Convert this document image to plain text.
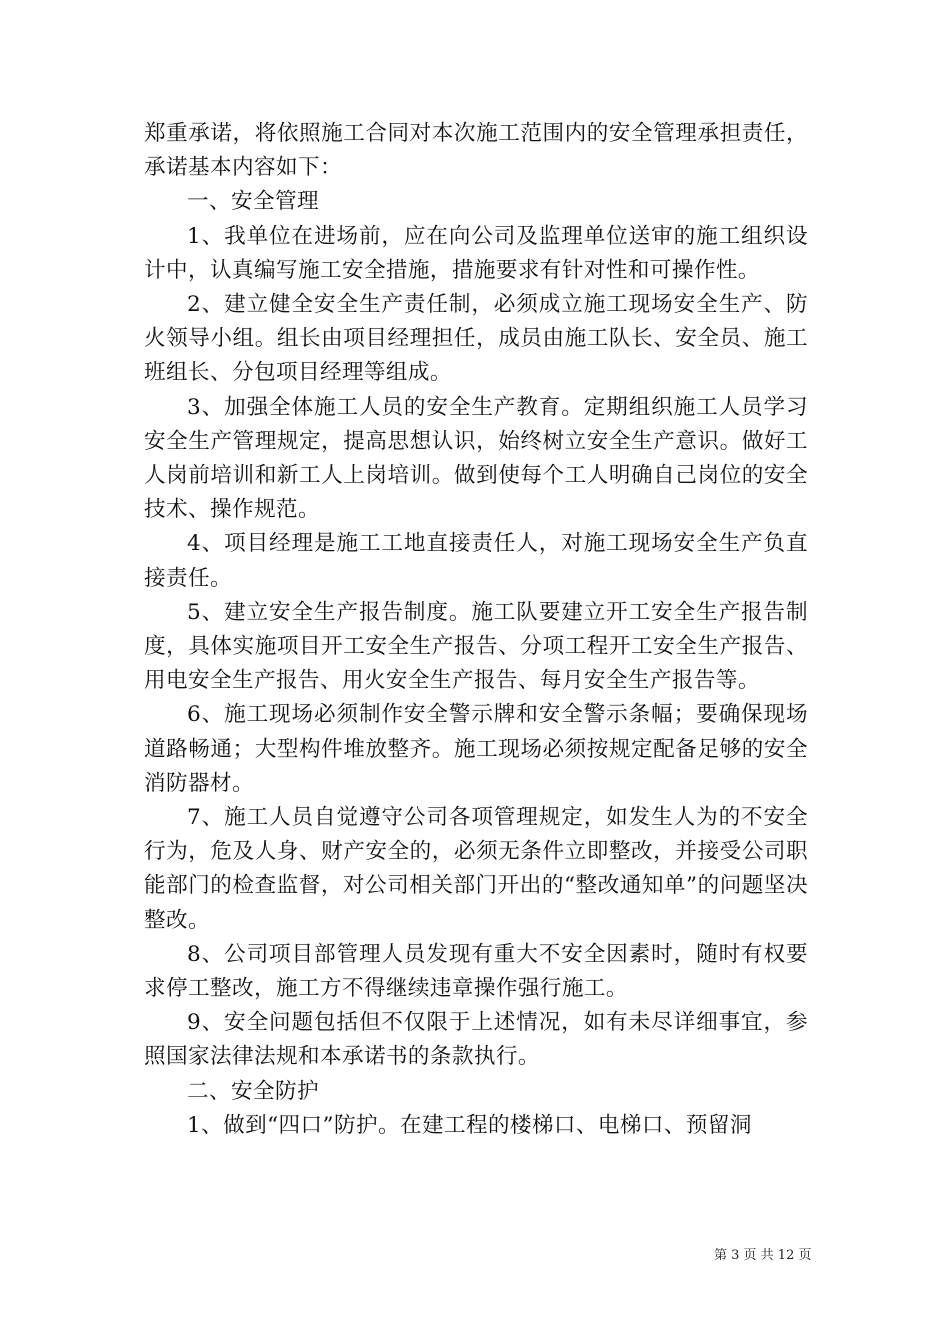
郑重承诺，将依照施工合同对本次施工范围内的安全管理承担责任，承诺基本内容如下：

一、安全管理

1、我单位在进场前，应在向公司及监理单位送审的施工组织设计中，认真编写施工安全措施，措施要求有针对性和可操作性。

2、建立健全安全生产责任制，必须成立施工现场安全生产、防火领导小组。组长由项目经理担任，成员由施工队长、安全员、施工班组长、分包项目经理等组成。

3、加强全体施工人员的安全生产教育。定期组织施工人员学习安全生产管理规定，提高思想认识，始终树立安全生产意识。做好工人岗前培训和新工人上岗培训。做到使每个工人明确自己岗位的安全技术、操作规范。

4、项目经理是施工工地直接责任人，对施工现场安全生产负直接责任。

5、建立安全生产报告制度。施工队要建立开工安全生产报告制度，具体实施项目开工安全生产报告、分项工程开工安全生产报告、用电安全生产报告、用火安全生产报告、每月安全生产报告等。

6、施工现场必须制作安全警示牌和安全警示条幅；要确保现场道路畅通；大型构件堆放整齐。施工现场必须按规定配备足够的安全消防器材。

7、施工人员自觉遵守公司各项管理规定，如发生人为的不安全行为，危及人身、财产安全的，必须无条件立即整改，并接受公司职能部门的检查监督，对公司相关部门开出的“整改通知单”的问题坚决整改。

8、公司项目部管理人员发现有重大不安全因素时，随时有权要求停工整改，施工方不得继续违章操作强行施工。

9、安全问题包括但不仅限于上述情况，如有未尽详细事宜，参照国家法律法规和本承诺书的条款执行。

二、安全防护

1、做到“四口”防护。在建工程的楼梯口、电梯口、预留洞

第 3 页 共 12 页
